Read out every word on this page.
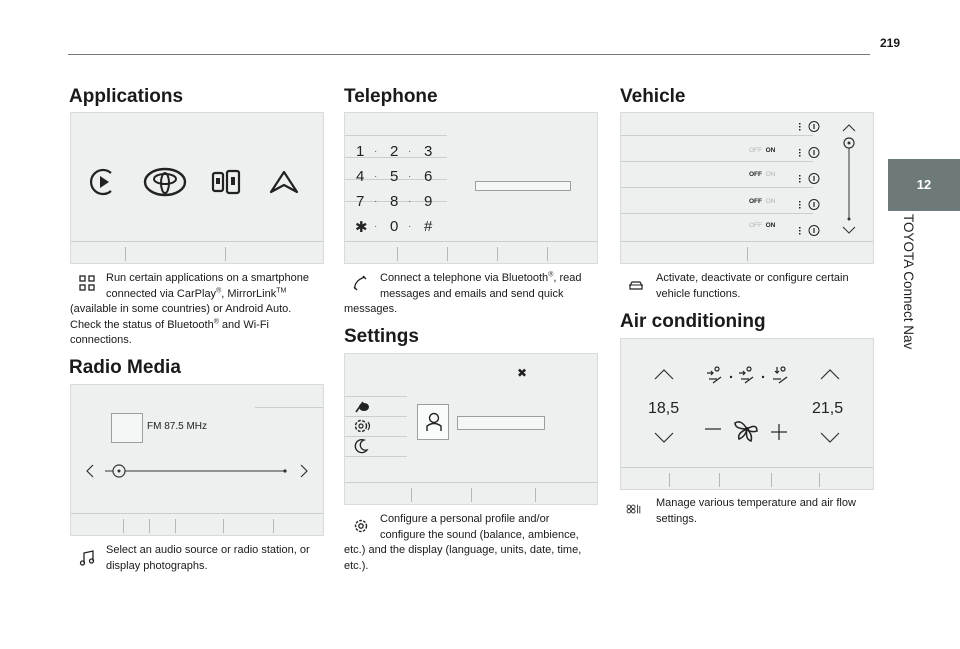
219
12
TOYOTA Connect Nav
Applications
Run certain applications on a smartphone
connected via CarPlay®, MirrorLink™
(available in some countries) or Android Auto.
Check the status of Bluetooth® and Wi-Fi
connections.
Radio Media
FM 87.5 MHz
Select an audio source or radio station, or
display photographs.
Telephone
1 · 2 · 3
4 · 5 · 6
7 · 8 · 9
✱ · 0 · #
Connect a telephone via Bluetooth®, read
messages and emails and send quick
messages.
Settings
✖
Configure a personal profile and/or
configure the sound (balance, ambience,
etc.) and the display (language, units, date, time,
etc.).
Vehicle
OFF ON
OFF ON
OFF ON
OFF ON
Activate, deactivate or configure certain
vehicle functions.
Air conditioning
18,5	21,5
Manage various temperature and air flow
settings.
